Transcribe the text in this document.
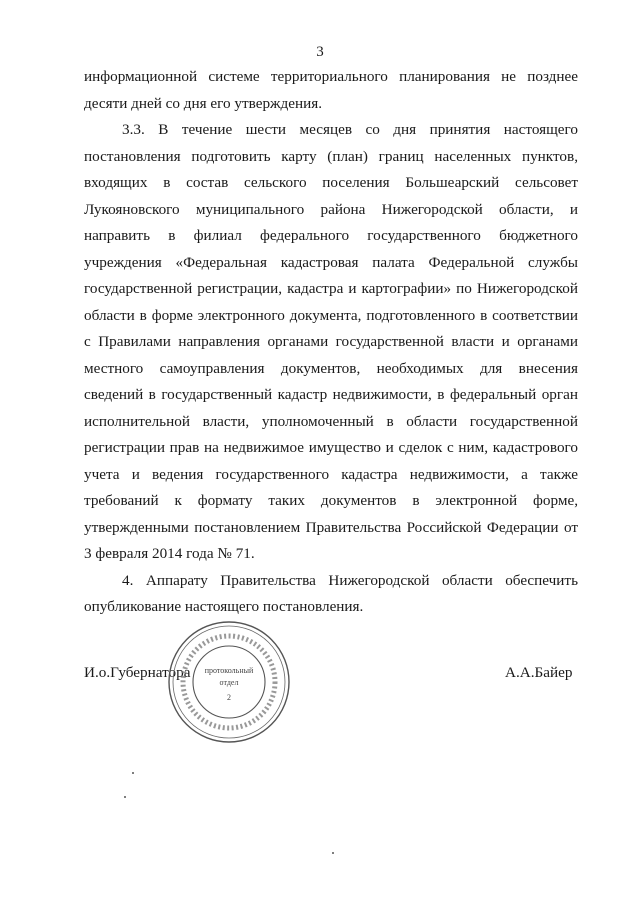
3

информационной системе территориального планирования не позднее десяти дней со дня его утверждения.

3.3. В течение шести месяцев со дня принятия настоящего постановления подготовить карту (план) границ населенных пунктов, входящих в состав сельского поселения Большеарский сельсовет Лукояновского муниципального района Нижегородской области, и направить в филиал федерального государственного бюджетного учреждения «Федеральная кадастровая палата Федеральной службы государственной регистрации, кадастра и картографии» по Нижегородской области в форме электронного документа, подготовленного в соответствии с Правилами направления органами государственной власти и органами местного самоуправления документов, необходимых для внесения сведений в государственный кадастр недвижимости, в федеральный орган исполнительной власти, уполномоченный в области государственной регистрации прав на недвижимое имущество и сделок с ним, кадастрового учета и ведения государственного кадастра недвижимости, а также требований к формату таких документов в электронной форме, утвержденными постановлением Правительства Российской Федерации от 3 февраля 2014 года № 71.

4. Аппарату Правительства Нижегородской области обеспечить опубликование настоящего постановления.

И.о.Губернатора	А.А.Байер
протокольный
отдел
2
